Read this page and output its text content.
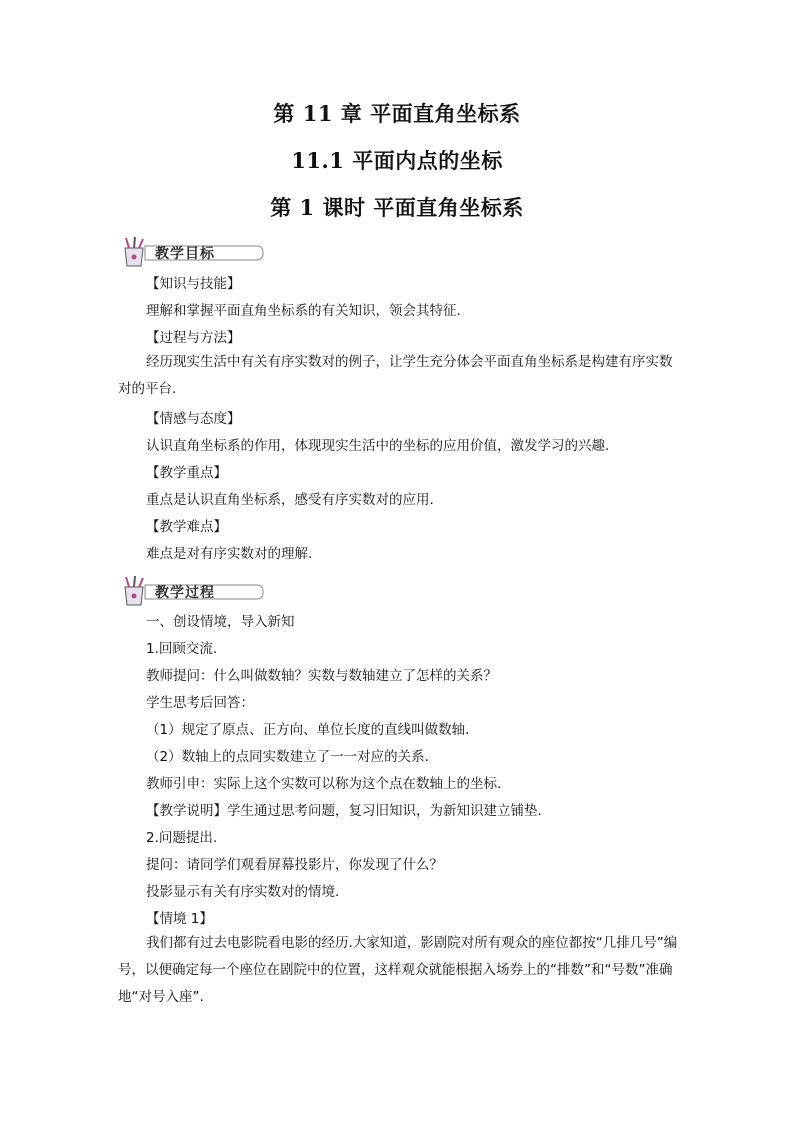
第 11 章 平面直角坐标系
11.1 平面内点的坐标
第 1 课时 平面直角坐标系
教学目标
【知识与技能】
理解和掌握平面直角坐标系的有关知识，领会其特征.
【过程与方法】
经历现实生活中有关有序实数对的例子，让学生充分体会平面直角坐标系是构建有序实数对的平台.
【情感与态度】
认识直角坐标系的作用，体现现实生活中的坐标的应用价值，激发学习的兴趣.
【教学重点】
重点是认识直角坐标系，感受有序实数对的应用.
【教学难点】
难点是对有序实数对的理解.
教学过程
一、创设情境，导入新知
1.回顾交流.
教师提问：什么叫做数轴？实数与数轴建立了怎样的关系？
学生思考后回答：
（1）规定了原点、正方向、单位长度的直线叫做数轴.
（2）数轴上的点同实数建立了一一对应的关系.
教师引申：实际上这个实数可以称为这个点在数轴上的坐标.
【教学说明】学生通过思考问题，复习旧知识，为新知识建立铺垫.
2.问题提出.
提问：请同学们观看屏幕投影片，你发现了什么？
投影显示有关有序实数对的情境.
【情境 1】
我们都有过去电影院看电影的经历.大家知道，影剧院对所有观众的座位都按“几排几号”编号，以便确定每一个座位在剧院中的位置，这样观众就能根据入场券上的“排数”和“号数”准确地“对号入座”.
